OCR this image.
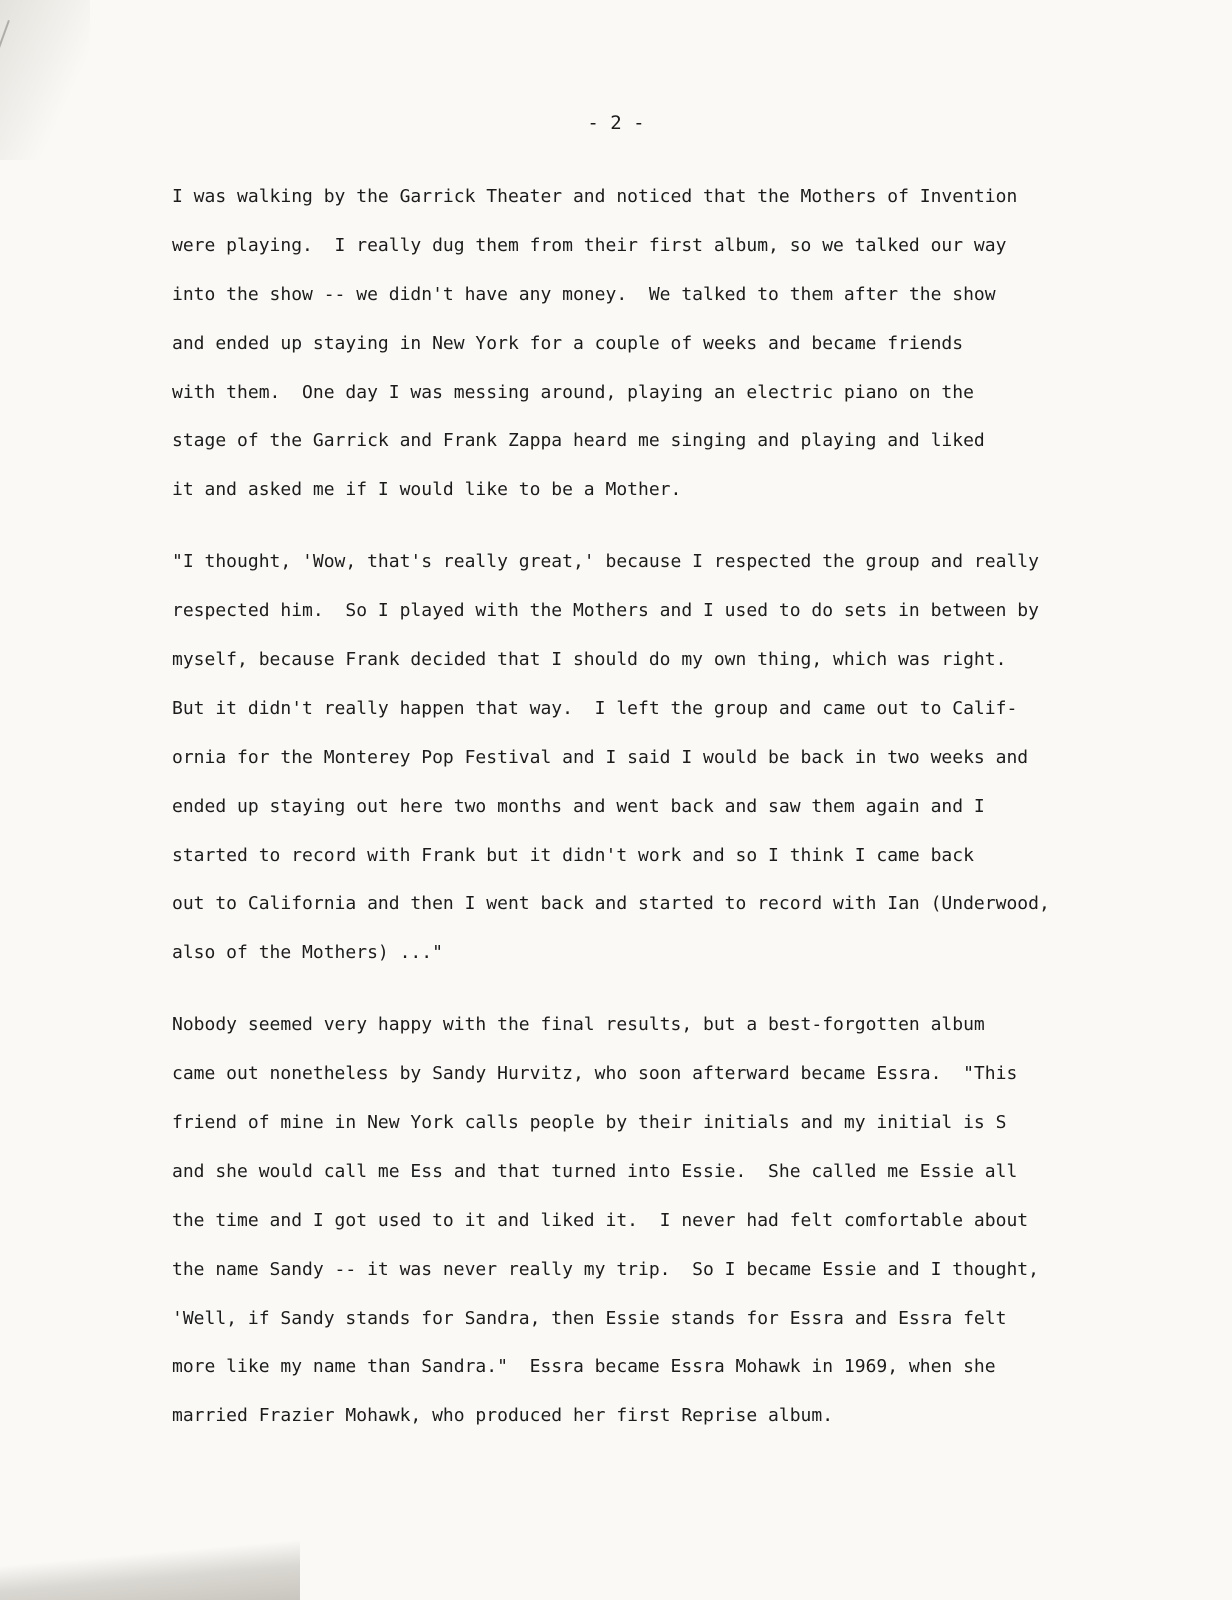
- 2 -
I was walking by the Garrick Theater and noticed that the Mothers of Invention
were playing.  I really dug them from their first album, so we talked our way
into the show -- we didn't have any money.  We talked to them after the show
and ended up staying in New York for a couple of weeks and became friends
with them.  One day I was messing around, playing an electric piano on the
stage of the Garrick and Frank Zappa heard me singing and playing and liked
it and asked me if I would like to be a Mother.
"I thought, 'Wow, that's really great,' because I respected the group and really
respected him.  So I played with the Mothers and I used to do sets in between by
myself, because Frank decided that I should do my own thing, which was right.
But it didn't really happen that way.  I left the group and came out to Calif-
ornia for the Monterey Pop Festival and I said I would be back in two weeks and
ended up staying out here two months and went back and saw them again and I
started to record with Frank but it didn't work and so I think I came back
out to California and then I went back and started to record with Ian (Underwood,
also of the Mothers) ..."
Nobody seemed very happy with the final results, but a best-forgotten album
came out nonetheless by Sandy Hurvitz, who soon afterward became Essra.  "This
friend of mine in New York calls people by their initials and my initial is S
and she would call me Ess and that turned into Essie.  She called me Essie all
the time and I got used to it and liked it.  I never had felt comfortable about
the name Sandy -- it was never really my trip.  So I became Essie and I thought,
'Well, if Sandy stands for Sandra, then Essie stands for Essra and Essra felt
more like my name than Sandra."  Essra became Essra Mohawk in 1969, when she
married Frazier Mohawk, who produced her first Reprise album.
